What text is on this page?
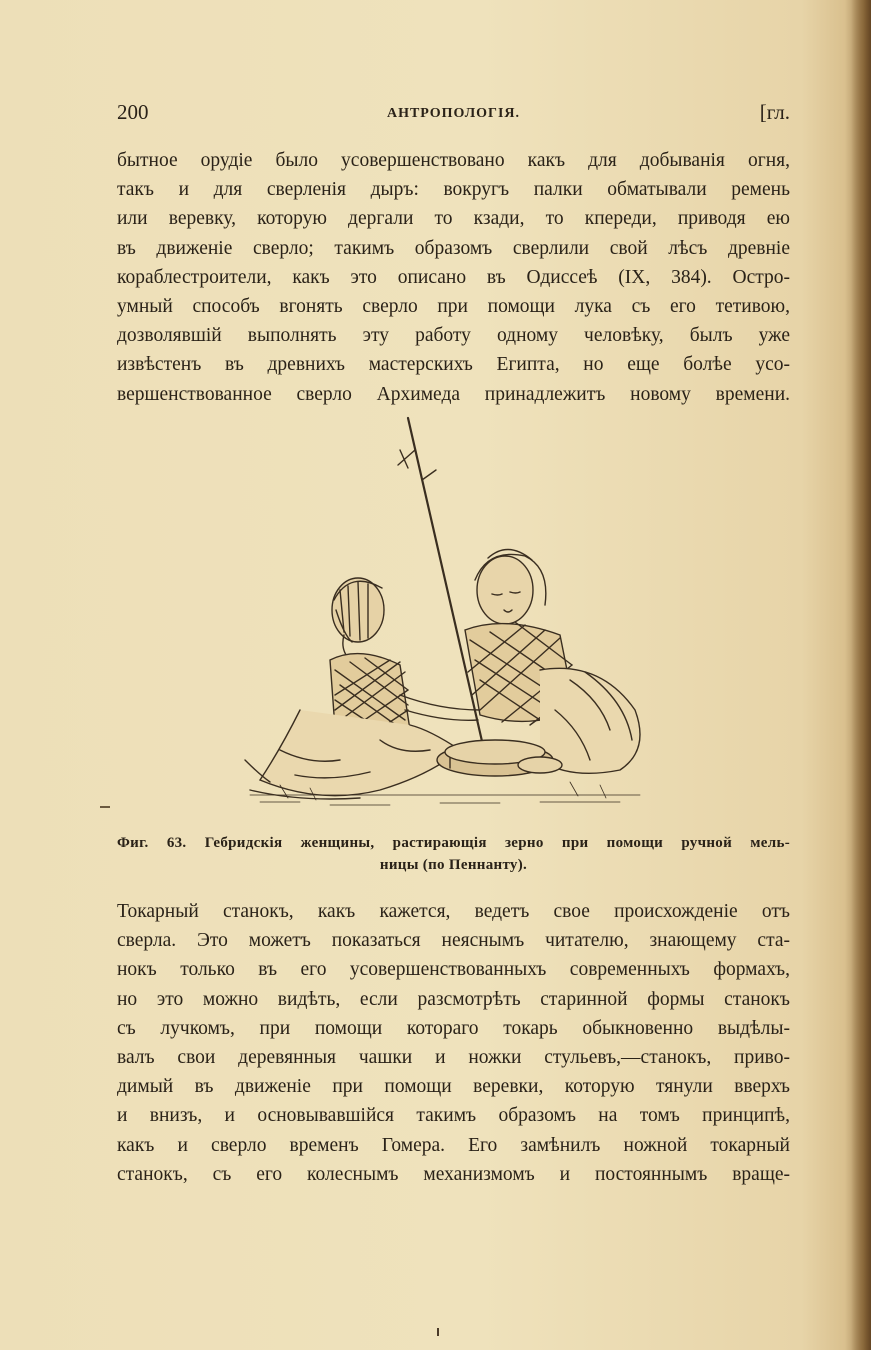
200	АНТРОПОЛОГІЯ.	[гл.
бытное орудіе было усовершенствовано какъ для добыванія огня,
такъ и для сверленія дыръ: вокругъ палки обматывали ремень
или веревку, которую дергали то кзади, то кпереди, приводя ею
въ движеніе сверло; такимъ образомъ сверлили свой лѣсъ древніе
кораблестроители, какъ это описано въ Одиссеѣ (IX, 384). Остро-
умный способъ вгонять сверло при помощи лука съ его тетивою,
дозволявшій выполнять эту работу одному человѣку, былъ уже
извѣстенъ въ древнихъ мастерскихъ Египта, но еще болѣе усо-
вершенствованное сверло Архимеда принадлежитъ новому времени.
Фиг. 63. Гебридскія женщины, растирающія зерно при помощи ручной мель-
ницы (по Пеннанту).
Токарный станокъ, какъ кажется, ведетъ свое происхожденіе отъ
сверла. Это можетъ показаться неяснымъ читателю, знающему ста-
нокъ только въ его усовершенствованныхъ современныхъ формахъ,
но это можно видѣть, если разсмотрѣть старинной формы станокъ
съ лучкомъ, при помощи котораго токарь обыкновенно выдѣлы-
валъ свои деревянныя чашки и ножки стульевъ,—станокъ, приво-
димый въ движеніе при помощи веревки, которую тянули вверхъ
и внизъ, и основывавшійся такимъ образомъ на томъ принципѣ,
какъ и сверло временъ Гомера. Его замѣнилъ ножной токарный
станокъ, съ его колеснымъ механизмомъ и постояннымъ враще-
